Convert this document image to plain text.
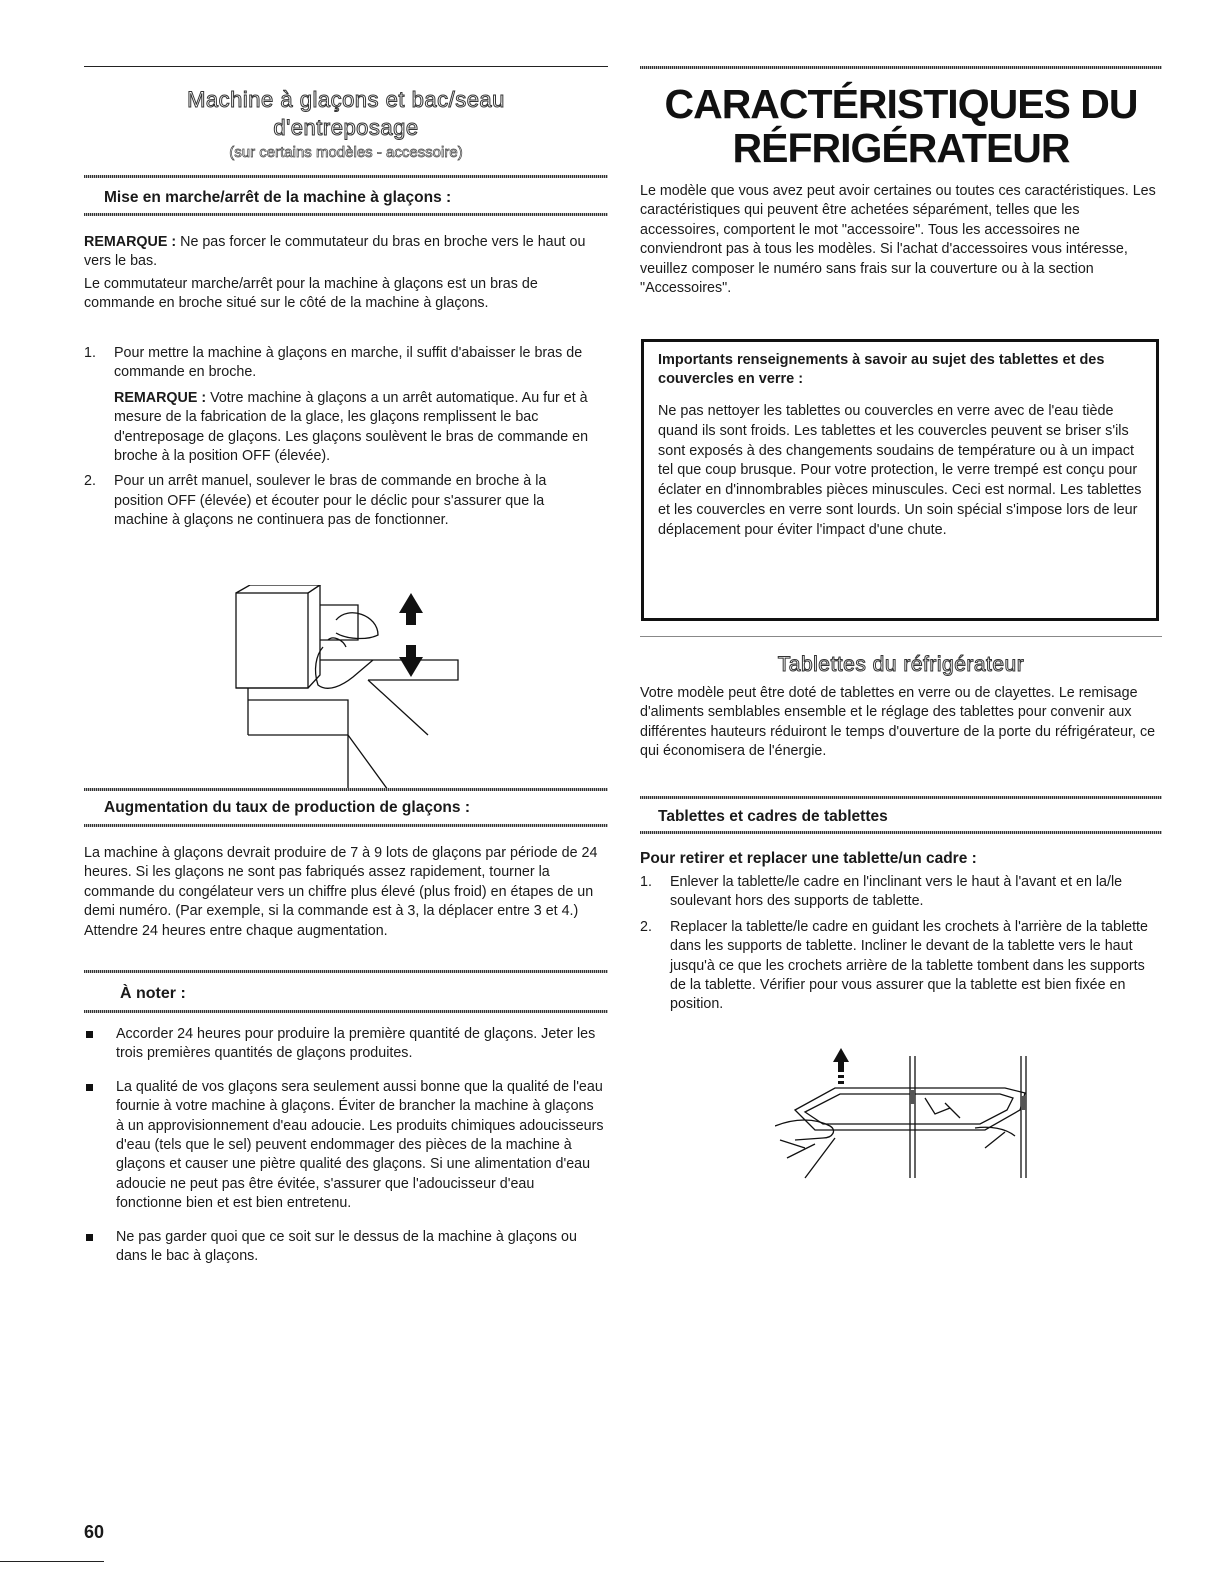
Machine à glaçons et bac/seau
d'entreposage
(sur certains modèles - accessoire)
Mise en marche/arrêt de la machine à glaçons :

REMARQUE : Ne pas forcer le commutateur du bras en broche vers le haut ou vers le bas.

Le commutateur marche/arrêt pour la machine à glaçons est un bras de commande en broche situé sur le côté de la machine à glaçons.

1. Pour mettre la machine à glaçons en marche, il suffit d'abaisser le bras de commande en broche.

REMARQUE : Votre machine à glaçons a un arrêt automatique. Au fur et à mesure de la fabrication de la glace, les glaçons remplissent le bac d'entreposage de glaçons. Les glaçons soulèvent le bras de commande en broche à la position OFF (élevée).

2. Pour un arrêt manuel, soulever le bras de commande en broche à la position OFF (élevée) et écouter pour le déclic pour s'assurer que la machine à glaçons ne continuera pas de fonctionner.

Augmentation du taux de production de glaçons :

La machine à glaçons devrait produire de 7 à 9 lots de glaçons par période de 24 heures. Si les glaçons ne sont pas fabriqués assez rapidement, tourner la commande du congélateur vers un chiffre plus élevé (plus froid) en étapes de un demi numéro. (Par exemple, si la commande est à 3, la déplacer entre 3 et 4.) Attendre 24 heures entre chaque augmentation.

À noter :

Accorder 24 heures pour produire la première quantité de glaçons. Jeter les trois premières quantités de glaçons produites.

La qualité de vos glaçons sera seulement aussi bonne que la qualité de l'eau fournie à votre machine à glaçons. Éviter de brancher la machine à glaçons à un approvisionnement d'eau adoucie. Les produits chimiques adoucisseurs d'eau (tels que le sel) peuvent endommager des pièces de la machine à glaçons et causer une piètre qualité des glaçons. Si une alimentation d'eau adoucie ne peut pas être évitée, s'assurer que l'adoucisseur d'eau fonctionne bien et est bien entretenu.

Ne pas garder quoi que ce soit sur le dessus de la machine à glaçons ou dans le bac à glaçons.

60
CARACTÉRISTIQUES DU
RÉFRIGÉRATEUR

Le modèle que vous avez peut avoir certaines ou toutes ces caractéristiques. Les caractéristiques qui peuvent être achetées séparément, telles que les accessoires, comportent le mot "accessoire". Tous les accessoires ne conviendront pas à tous les modèles. Si l'achat d'accessoires vous intéresse, veuillez composer le numéro sans frais sur la couverture ou à la section "Accessoires".

Importants renseignements à savoir au sujet des tablettes et des couvercles en verre :

Ne pas nettoyer les tablettes ou couvercles en verre avec de l'eau tiède quand ils sont froids. Les tablettes et les couvercles peuvent se briser s'ils sont exposés à des changements soudains de température ou à un impact tel que coup brusque. Pour votre protection, le verre trempé est conçu pour éclater en d'innombrables pièces minuscules. Ceci est normal. Les tablettes et les couvercles en verre sont lourds. Un soin spécial s'impose lors de leur déplacement pour éviter l'impact d'une chute.

Tablettes du réfrigérateur

Votre modèle peut être doté de tablettes en verre ou de clayettes. Le remisage d'aliments semblables ensemble et le réglage des tablettes pour convenir aux différentes hauteurs réduiront le temps d'ouverture de la porte du réfrigérateur, ce qui économisera de l'énergie.

Tablettes et cadres de tablettes
Pour retirer et replacer une tablette/un cadre :
1. Enlever la tablette/le cadre en l'inclinant vers le haut à l'avant et en la/le soulevant hors des supports de tablette.

2. Replacer la tablette/le cadre en guidant les crochets à l'arrière de la tablette dans les supports de tablette. Incliner le devant de la tablette vers le haut jusqu'à ce que les crochets arrière de la tablette tombent dans les supports de la tablette. Vérifier pour vous assurer que la tablette est bien fixée en position.
